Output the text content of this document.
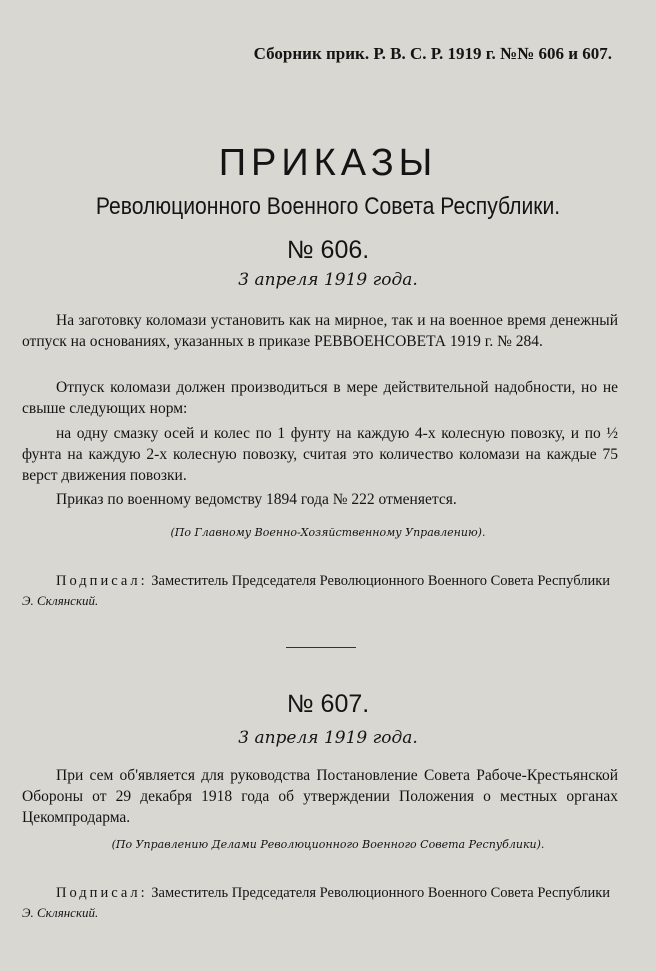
Сборник прик. Р. В. С. Р. 1919 г. №№ 606 и 607.
ПРИКАЗЫ
Революционного Военного Совета Республики.
№ 606.
3 апреля 1919 года.
На заготовку коломази установить как на мирное, так и на военное время денежный отпуск на основаниях, указанных в приказе РЕВВОЕНСОВЕТА 1919 г. № 284.
Отпуск коломази должен производиться в мере действительной надобности, но не свыше следующих норм:
на одну смазку осей и колес по 1 фунту на каждую 4-х колесную повозку, и по ½ фунта на каждую 2-х колесную повозку, считая это количество коломази на каждые 75 верст движения повозки.
Приказ по военному ведомству 1894 года № 222 отменяется.
(По Главному Военно-Хозяйственному Управлению).
Подписал: Заместитель Председателя Революционного Военного Совета Республики
Э. Склянский.
№ 607.
3 апреля 1919 года.
При сем об'является для руководства Постановление Совета Рабоче-Крестьянской Обороны от 29 декабря 1918 года об утверждении Положения о местных органах Цекомпродарма.
(По Управлению Делами Революционного Военного Совета Республики).
Подписал: Заместитель Председателя Революционного Военного Совета Республики
Э. Склянский.
